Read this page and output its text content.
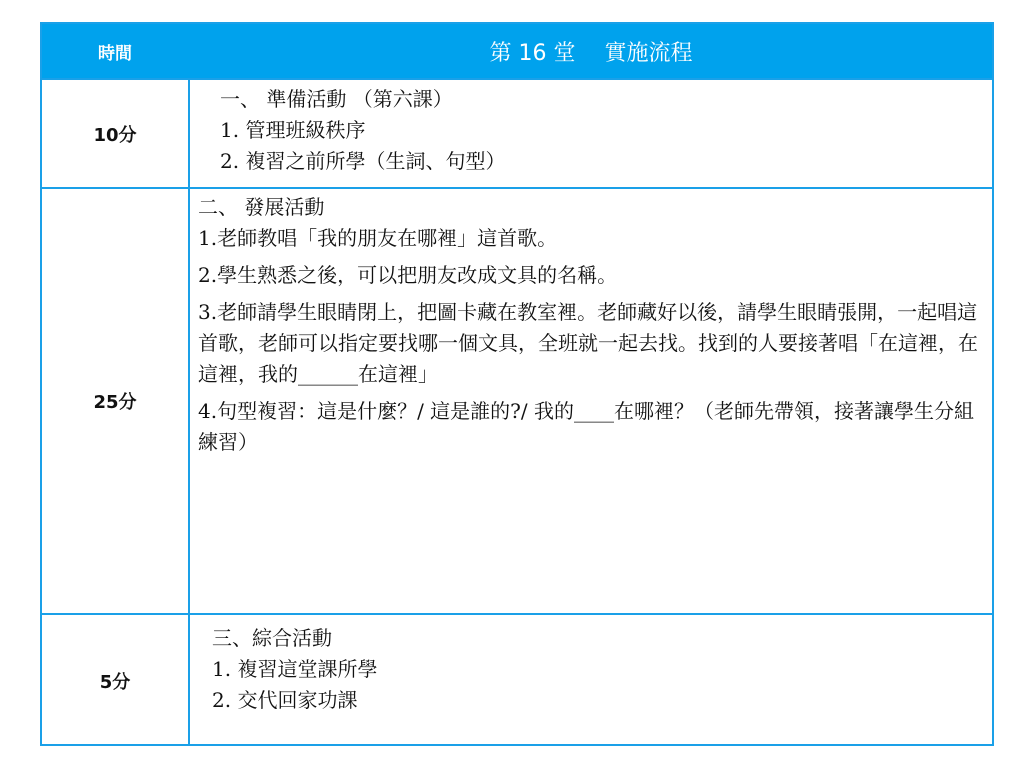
時間	第 16 堂　 實施流程
10分
一、 準備活動 （第六課）
1. 管理班級秩序
2. 複習之前所學（生詞、句型）
25分
二、 發展活動
1.老師教唱「我的朋友在哪裡」這首歌。
2.學生熟悉之後，可以把朋友改成文具的名稱。
3.老師請學生眼睛閉上，把圖卡藏在教室裡。老師藏好以後，請學生眼睛張開，一起唱這首歌，老師可以指定要找哪一個文具，全班就一起去找。找到的人要接著唱「在這裡，在這裡，我的______在這裡」
4.句型複習：這是什麼？/ 這是誰的?/ 我的____在哪裡？（老師先帶領，接著讓學生分組練習）
5分
三、綜合活動
1. 複習這堂課所學
2. 交代回家功課
